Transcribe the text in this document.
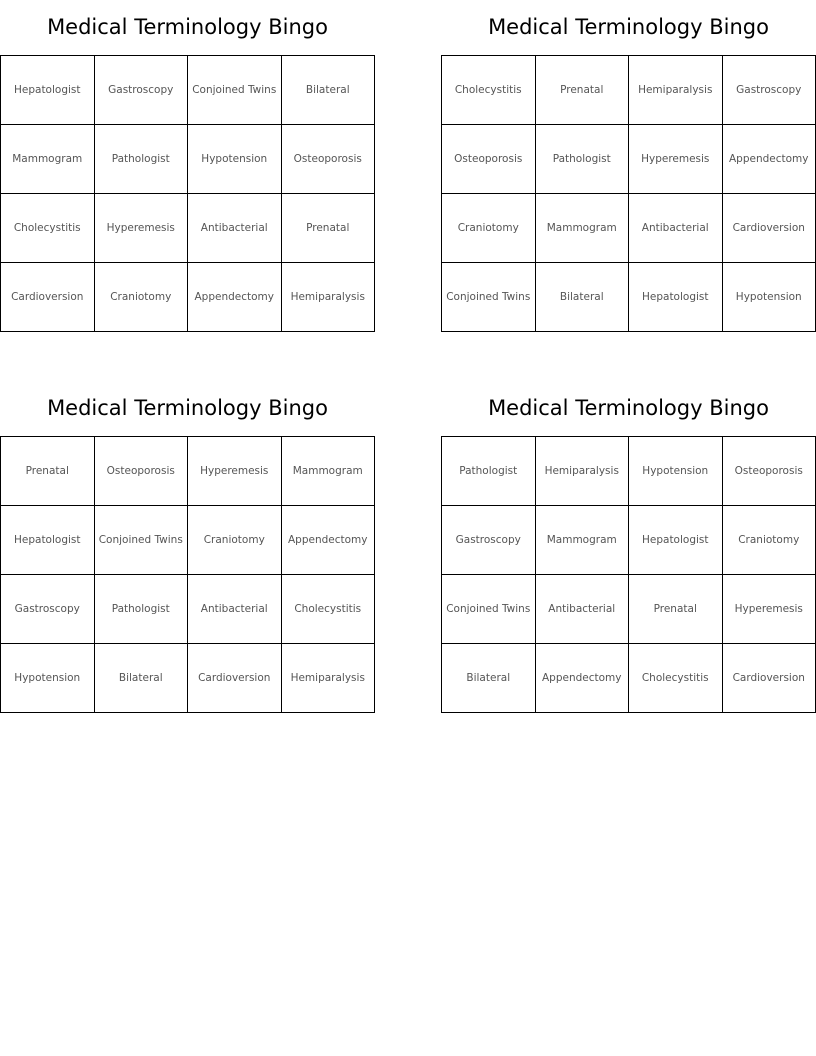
Medical Terminology Bingo
Hepatologist	Gastroscopy	Conjoined Twins	Bilateral
Mammogram	Pathologist	Hypotension	Osteoporosis
Cholecystitis	Hyperemesis	Antibacterial	Prenatal
Cardioversion	Craniotomy	Appendectomy	Hemiparalysis
Medical Terminology Bingo
Cholecystitis	Prenatal	Hemiparalysis	Gastroscopy
Osteoporosis	Pathologist	Hyperemesis	Appendectomy
Craniotomy	Mammogram	Antibacterial	Cardioversion
Conjoined Twins	Bilateral	Hepatologist	Hypotension
Medical Terminology Bingo
Prenatal	Osteoporosis	Hyperemesis	Mammogram
Hepatologist	Conjoined Twins	Craniotomy	Appendectomy
Gastroscopy	Pathologist	Antibacterial	Cholecystitis
Hypotension	Bilateral	Cardioversion	Hemiparalysis
Medical Terminology Bingo
Pathologist	Hemiparalysis	Hypotension	Osteoporosis
Gastroscopy	Mammogram	Hepatologist	Craniotomy
Conjoined Twins	Antibacterial	Prenatal	Hyperemesis
Bilateral	Appendectomy	Cholecystitis	Cardioversion
